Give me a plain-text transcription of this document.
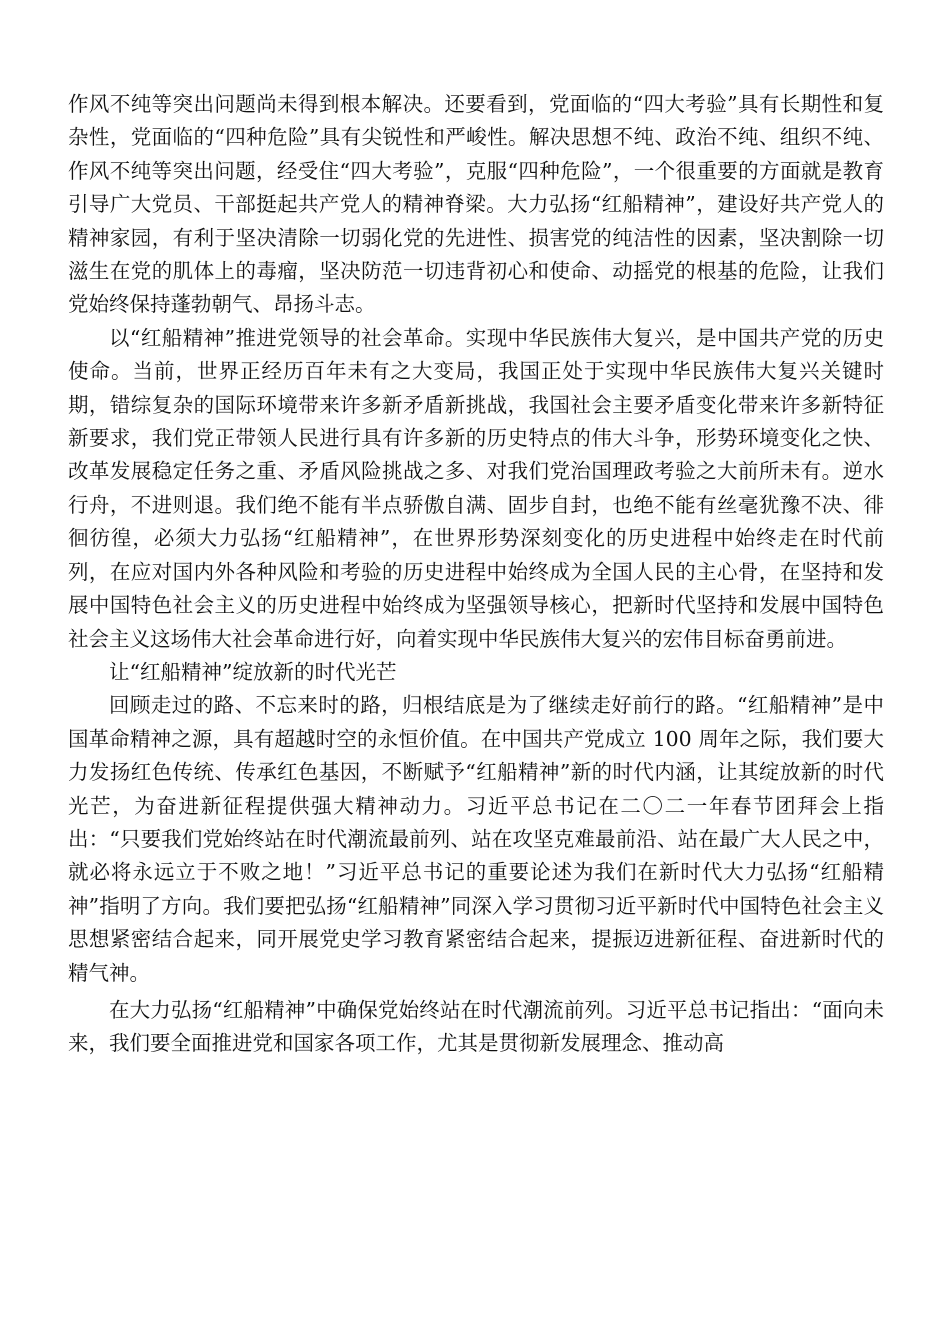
作风不纯等突出问题尚未得到根本解决。还要看到，党面临的“四大考验”具有长期性和复杂性，党面临的“四种危险”具有尖锐性和严峻性。解决思想不纯、政治不纯、组织不纯、作风不纯等突出问题，经受住“四大考验”，克服“四种危险”，一个很重要的方面就是教育引导广大党员、干部挺起共产党人的精神脊梁。大力弘扬“红船精神”，建设好共产党人的精神家园，有利于坚决清除一切弱化党的先进性、损害党的纯洁性的因素，坚决割除一切滋生在党的肌体上的毒瘤，坚决防范一切违背初心和使命、动摇党的根基的危险，让我们党始终保持蓬勃朝气、昂扬斗志。

以“红船精神”推进党领导的社会革命。实现中华民族伟大复兴，是中国共产党的历史使命。当前，世界正经历百年未有之大变局，我国正处于实现中华民族伟大复兴关键时期，错综复杂的国际环境带来许多新矛盾新挑战，我国社会主要矛盾变化带来许多新特征新要求，我们党正带领人民进行具有许多新的历史特点的伟大斗争，形势环境变化之快、改革发展稳定任务之重、矛盾风险挑战之多、对我们党治国理政考验之大前所未有。逆水行舟，不进则退。我们绝不能有半点骄傲自满、固步自封，也绝不能有丝毫犹豫不决、徘徊彷徨，必须大力弘扬“红船精神”，在世界形势深刻变化的历史进程中始终走在时代前列，在应对国内外各种风险和考验的历史进程中始终成为全国人民的主心骨，在坚持和发展中国特色社会主义的历史进程中始终成为坚强领导核心，把新时代坚持和发展中国特色社会主义这场伟大社会革命进行好，向着实现中华民族伟大复兴的宏伟目标奋勇前进。

让“红船精神”绽放新的时代光芒

回顾走过的路、不忘来时的路，归根结底是为了继续走好前行的路。“红船精神”是中国革命精神之源，具有超越时空的永恒价值。在中国共产党成立 100 周年之际，我们要大力发扬红色传统、传承红色基因，不断赋予“红船精神”新的时代内涵，让其绽放新的时代光芒，为奋进新征程提供强大精神动力。习近平总书记在二〇二一年春节团拜会上指出：“只要我们党始终站在时代潮流最前列、站在攻坚克难最前沿、站在最广大人民之中，就必将永远立于不败之地！”习近平总书记的重要论述为我们在新时代大力弘扬“红船精神”指明了方向。我们要把弘扬“红船精神”同深入学习贯彻习近平新时代中国特色社会主义思想紧密结合起来，同开展党史学习教育紧密结合起来，提振迈进新征程、奋进新时代的精气神。

在大力弘扬“红船精神”中确保党始终站在时代潮流前列。习近平总书记指出：“面向未来，我们要全面推进党和国家各项工作，尤其是贯彻新发展理念、推动高
